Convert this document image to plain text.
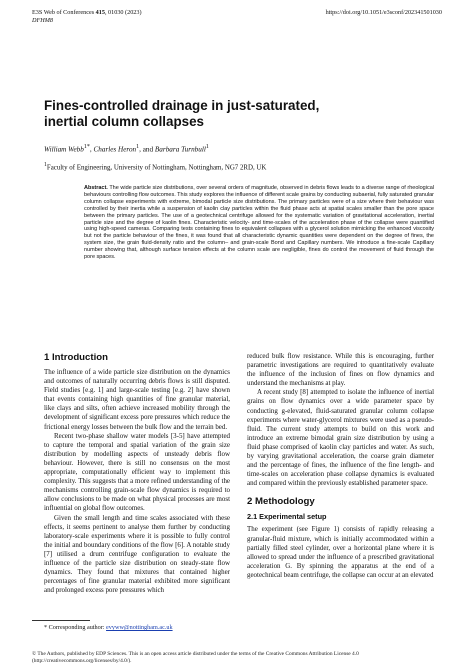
E3S Web of Conferences 415, 01030 (2023)
DFHM8
https://doi.org/10.1051/e3sconf/202341501030
Fines-controlled drainage in just-saturated, inertial column collapses

William Webb$^{1*}$, Charles Heron$^1$, and Barbara Turnbull$^1$

$^1$Faculty of Engineering, University of Nottingham, Nottingham, NG7 2RD, UK

Abstract. The wide particle size distributions, over several orders of magnitude, observed in debris flows leads to a diverse range of rheological behaviours controlling flow outcomes. This study explores the influence of different scale grains by conducting subaerial, fully saturated granular column collapse experiments with extreme, bimodal particle size distributions. The primary particles were of a size where their behaviour was controlled by their inertia while a suspension of kaolin clay particles within the fluid phase acts at spatial scales smaller than the pore space between the primary particles. The use of a geotechnical centrifuge allowed for the systematic variation of gravitational acceleration, inertial particle size and the degree of kaolin fines. Characteristic velocity- and time-scales of the acceleration phase of the collapse were quantified using high-speed cameras. Comparing tests containing fines to equivalent collapses with a glycerol solution mimicking the enhanced viscosity but not the particle behaviour of the fines, it was found that all characteristic dynamic quantities were dependent on the degree of fines, the system size, the grain fluid-density ratio and the column– and grain-scale Bond and Capillary numbers. We introduce a fine-scale Capillary number showing that, although surface tension effects at the column scale are negligible, fines do control the movement of fluid through the pore spaces.

1 Introduction

The influence of a wide particle size distribution on the dynamics and outcomes of naturally occurring debris flows is still disputed. Field studies [e.g. 1] and large-scale testing [e.g. 2] have shown that events containing high quantities of fine granular material, like clays and silts, often achieve increased mobility through the development of significant excess pore pressures which reduce the frictional energy losses between the bulk flow and the terrain bed.

Recent two-phase shallow water models [3-5] have attempted to capture the temporal and spatial variation of the grain size distribution by modelling aspects of unsteady debris flow behaviour. However, there is still no consensus on the most appropriate, computationally efficient way to implement this complexity. This suggests that a more refined understanding of the mechanisms controlling grain-scale flow dynamics is required to allow conclusions to be made on what physical processes are most influential on global flow outcomes.

Given the small length and time scales associated with these effects, it seems pertinent to analyse them further by conducting laboratory-scale experiments where it is possible to fully control the initial and boundary conditions of the flow [6]. A notable study [7] utilised a drum centrifuge configuration to evaluate the influence of the particle size distribution on steady-state flow dynamics. They found that mixtures that contained higher percentages of fine granular material exhibited more significant and prolonged excess pore pressures which

reduced bulk flow resistance. While this is encouraging, further parametric investigations are required to quantitatively evaluate the influence of the inclusion of fines on flow dynamics and understand the mechanisms at play.

A recent study [8] attempted to isolate the influence of inertial grains on flow dynamics over a wide parameter space by conducting g-elevated, fluid-saturated granular column collapse experiments where water-glycerol mixtures were used as a pseudo-fluid. The current study attempts to build on this work and introduce an extreme bimodal grain size distribution by using a fluid phase comprised of kaolin clay particles and water. As such, by varying gravitational acceleration, the coarse grain diameter and the percentage of fines, the influence of the fine length- and time-scales on acceleration phase collapse dynamics is evaluated and compared within the previously established parameter space.

2 Methodology
2.1 Experimental setup

The experiment (see Figure 1) consists of rapidly releasing a granular-fluid mixture, which is initially accommodated within a partially filled steel cylinder, over a horizontal plane where it is allowed to spread under the influence of a prescribed gravitational acceleration G. By spinning the apparatus at the end of a geotechnical beam centrifuge, the collapse can occur at an elevated

* Corresponding author: evyww@nottingham.ac.uk

© The Authors, published by EDP Sciences. This is an open access article distributed under the terms of the Creative Commons Attribution License 4.0
(http://creativecommons.org/licenses/by/4.0/).
